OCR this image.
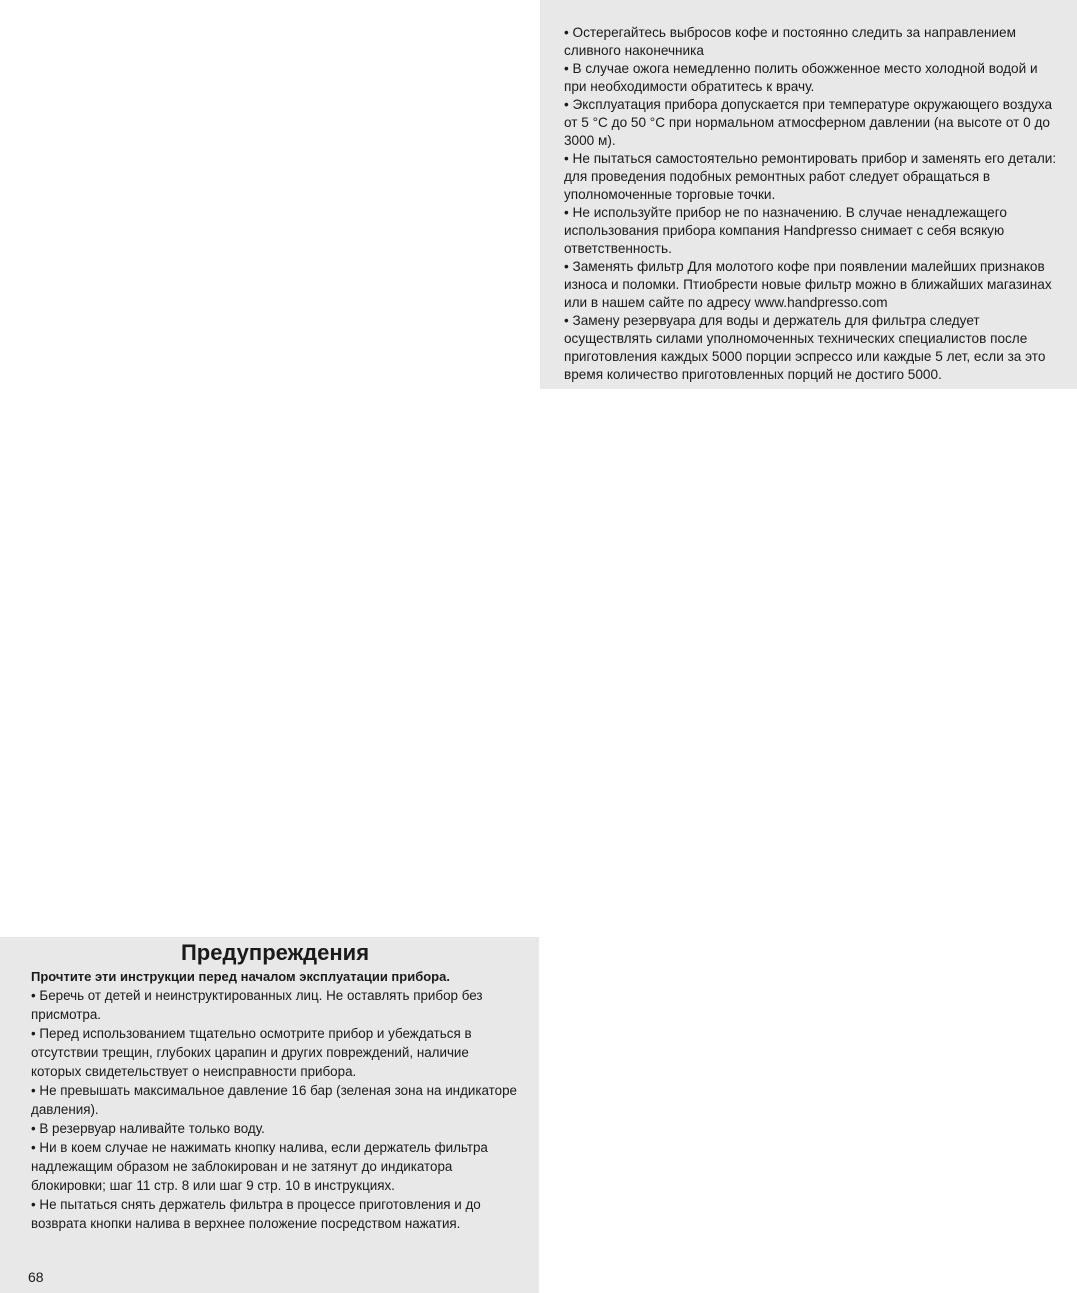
• Остерегайтесь выбросов кофе и постоянно следить за направлением сливного наконечника

• В случае ожога немедленно полить обожженное место холодной водой и при необходимости обратитесь к врачу.

• Эксплуатация прибора допускается при температуре окружающего воздуха от 5 °C до 50 °C при нормальном атмосферном давлении (на высоте от 0 до 3000 м).

• Не пытаться самостоятельно ремонтировать прибор и заменять его детали: для проведения подобных ремонтных работ следует обращаться в уполномоченные торговые точки.

• Не используйте прибор не по назначению. В случае ненадлежащего использования прибора компания Handpresso снимает с себя всякую ответственность.

• Заменять фильтр Для молотого кофе при появлении малейших признаков износа и поломки. Птиобрести новые фильтр можно в ближайших магазинах или в нашем сайте по адресу www.handpresso.com

• Замену резервуара для воды и держатель для фильтра следует осуществлять силами уполномоченных технических специалистов после приготовления каждых 5000 порции эспрессо или каждые 5 лет, если за это время количество приготовленных порций не достиго 5000.

Предупреждения

Прочтите эти инструкции перед началом эксплуатации прибора.

• Беречь от детей и неинструктированных лиц. Не оставлять прибор без присмотра.

• Перед использованием тщательно осмотрите прибор и убеждаться в отсутствии трещин, глубоких царапин и других повреждений, наличие которых свидетельствует о неисправности прибора.

• Не превышать максимальное давление 16 бар (зеленая зона на индикаторе давления).

• В резервуар наливайте только воду.

• Ни в коем случае не нажимать кнопку налива, если держатель фильтра надлежащим образом не заблокирован и не затянут до индикатора блокировки; шаг 11 стр. 8 или шаг 9 стр. 10 в инструкциях.

• Не пытаться снять держатель фильтра в процессе приготовления и до возврата кнопки налива в верхнее положение посредством нажатия.

68
